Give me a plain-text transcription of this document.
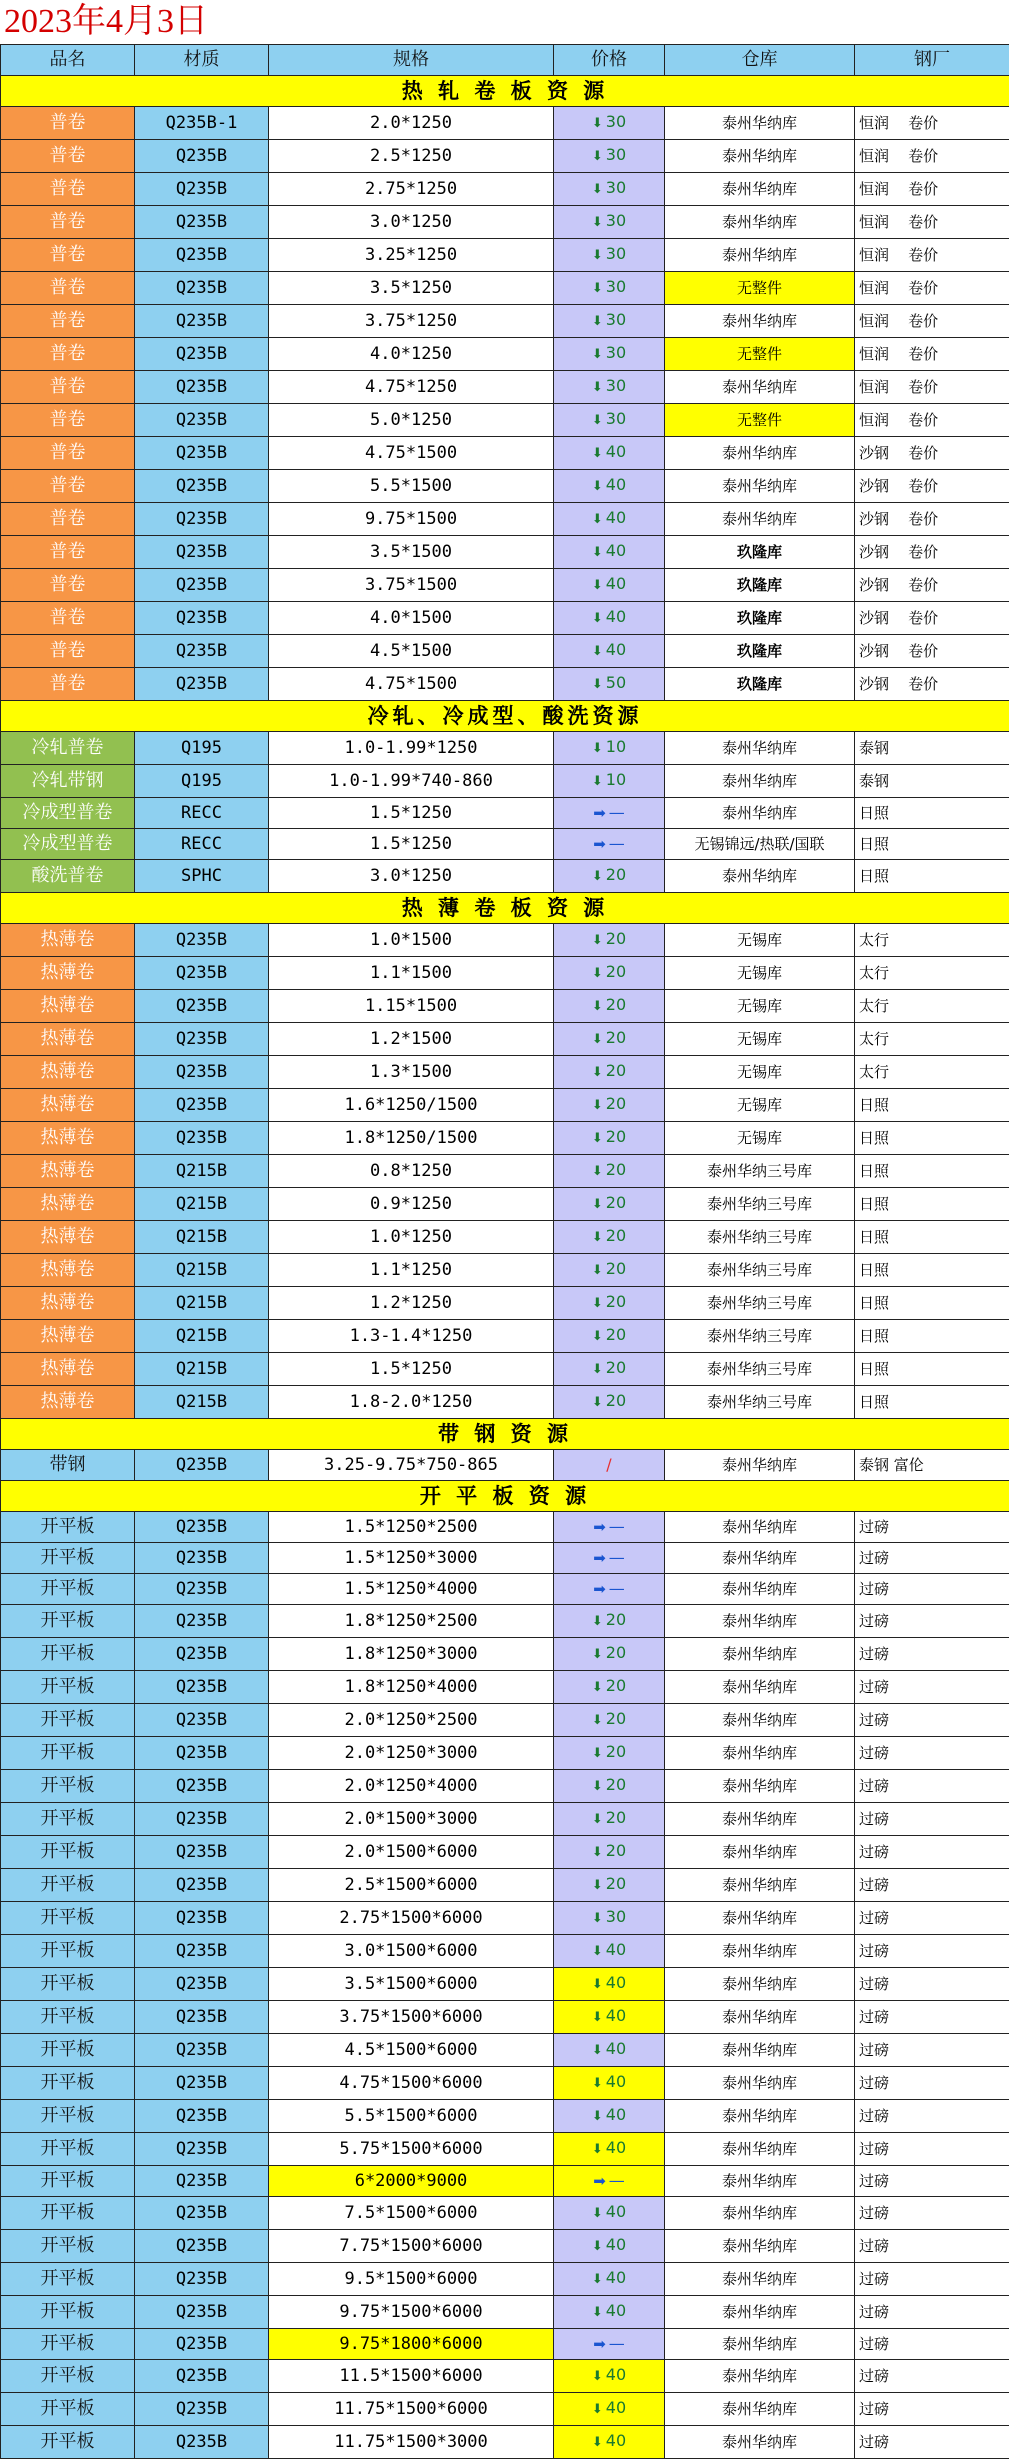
2023年4月3日
品名	材质	规格	价格	仓库	钢厂
热 轧 卷 板 资 源					
普卷	Q235B-1	2.0*1250	⬇ 30	泰州华纳库	恒润    卷价
普卷	Q235B	2.5*1250	⬇ 30	泰州华纳库	恒润    卷价
普卷	Q235B	2.75*1250	⬇ 30	泰州华纳库	恒润    卷价
普卷	Q235B	3.0*1250	⬇ 30	泰州华纳库	恒润    卷价
普卷	Q235B	3.25*1250	⬇ 30	泰州华纳库	恒润    卷价
普卷	Q235B	3.5*1250	⬇ 30	无整件	恒润    卷价
普卷	Q235B	3.75*1250	⬇ 30	泰州华纳库	恒润    卷价
普卷	Q235B	4.0*1250	⬇ 30	无整件	恒润    卷价
普卷	Q235B	4.75*1250	⬇ 30	泰州华纳库	恒润    卷价
普卷	Q235B	5.0*1250	⬇ 30	无整件	恒润    卷价
普卷	Q235B	4.75*1500	⬇ 40	泰州华纳库	沙钢    卷价
普卷	Q235B	5.5*1500	⬇ 40	泰州华纳库	沙钢    卷价
普卷	Q235B	9.75*1500	⬇ 40	泰州华纳库	沙钢    卷价
普卷	Q235B	3.5*1500	⬇ 40	玖隆库	沙钢    卷价
普卷	Q235B	3.75*1500	⬇ 40	玖隆库	沙钢    卷价
普卷	Q235B	4.0*1500	⬇ 40	玖隆库	沙钢    卷价
普卷	Q235B	4.5*1500	⬇ 40	玖隆库	沙钢    卷价
普卷	Q235B	4.75*1500	⬇ 50	玖隆库	沙钢    卷价
冷轧、冷成型、酸洗资源					
冷轧普卷	Q195	1.0-1.99*1250	⬇ 10	泰州华纳库	泰钢
冷轧带钢	Q195	1.0-1.99*740-860	⬇ 10	泰州华纳库	泰钢
冷成型普卷	RECC	1.5*1250	➡ —	泰州华纳库	日照
冷成型普卷	RECC	1.5*1250	➡ —	无锡锦远/热联/国联	日照
酸洗普卷	SPHC	3.0*1250	⬇ 20	泰州华纳库	日照
热 薄 卷 板 资 源					
热薄卷	Q235B	1.0*1500	⬇ 20	无锡库	太行
热薄卷	Q235B	1.1*1500	⬇ 20	无锡库	太行
热薄卷	Q235B	1.15*1500	⬇ 20	无锡库	太行
热薄卷	Q235B	1.2*1500	⬇ 20	无锡库	太行
热薄卷	Q235B	1.3*1500	⬇ 20	无锡库	太行
热薄卷	Q235B	1.6*1250/1500	⬇ 20	无锡库	日照
热薄卷	Q235B	1.8*1250/1500	⬇ 20	无锡库	日照
热薄卷	Q215B	0.8*1250	⬇ 20	泰州华纳三号库	日照
热薄卷	Q215B	0.9*1250	⬇ 20	泰州华纳三号库	日照
热薄卷	Q215B	1.0*1250	⬇ 20	泰州华纳三号库	日照
热薄卷	Q215B	1.1*1250	⬇ 20	泰州华纳三号库	日照
热薄卷	Q215B	1.2*1250	⬇ 20	泰州华纳三号库	日照
热薄卷	Q215B	1.3-1.4*1250	⬇ 20	泰州华纳三号库	日照
热薄卷	Q215B	1.5*1250	⬇ 20	泰州华纳三号库	日照
热薄卷	Q215B	1.8-2.0*1250	⬇ 20	泰州华纳三号库	日照
带 钢 资 源					
带钢	Q235B	3.25-9.75*750-865	/	泰州华纳库	泰钢 富伦
开 平 板 资 源					
开平板	Q235B	1.5*1250*2500	➡ —	泰州华纳库	过磅
开平板	Q235B	1.5*1250*3000	➡ —	泰州华纳库	过磅
开平板	Q235B	1.5*1250*4000	➡ —	泰州华纳库	过磅
开平板	Q235B	1.8*1250*2500	⬇ 20	泰州华纳库	过磅
开平板	Q235B	1.8*1250*3000	⬇ 20	泰州华纳库	过磅
开平板	Q235B	1.8*1250*4000	⬇ 20	泰州华纳库	过磅
开平板	Q235B	2.0*1250*2500	⬇ 20	泰州华纳库	过磅
开平板	Q235B	2.0*1250*3000	⬇ 20	泰州华纳库	过磅
开平板	Q235B	2.0*1250*4000	⬇ 20	泰州华纳库	过磅
开平板	Q235B	2.0*1500*3000	⬇ 20	泰州华纳库	过磅
开平板	Q235B	2.0*1500*6000	⬇ 20	泰州华纳库	过磅
开平板	Q235B	2.5*1500*6000	⬇ 20	泰州华纳库	过磅
开平板	Q235B	2.75*1500*6000	⬇ 30	泰州华纳库	过磅
开平板	Q235B	3.0*1500*6000	⬇ 40	泰州华纳库	过磅
开平板	Q235B	3.5*1500*6000	⬇ 40	泰州华纳库	过磅
开平板	Q235B	3.75*1500*6000	⬇ 40	泰州华纳库	过磅
开平板	Q235B	4.5*1500*6000	⬇ 40	泰州华纳库	过磅
开平板	Q235B	4.75*1500*6000	⬇ 40	泰州华纳库	过磅
开平板	Q235B	5.5*1500*6000	⬇ 40	泰州华纳库	过磅
开平板	Q235B	5.75*1500*6000	⬇ 40	泰州华纳库	过磅
开平板	Q235B	6*2000*9000	➡ —	泰州华纳库	过磅
开平板	Q235B	7.5*1500*6000	⬇ 40	泰州华纳库	过磅
开平板	Q235B	7.75*1500*6000	⬇ 40	泰州华纳库	过磅
开平板	Q235B	9.5*1500*6000	⬇ 40	泰州华纳库	过磅
开平板	Q235B	9.75*1500*6000	⬇ 40	泰州华纳库	过磅
开平板	Q235B	9.75*1800*6000	➡ —	泰州华纳库	过磅
开平板	Q235B	11.5*1500*6000	⬇ 40	泰州华纳库	过磅
开平板	Q235B	11.75*1500*6000	⬇ 40	泰州华纳库	过磅
开平板	Q235B	11.75*1500*3000	⬇ 40	泰州华纳库	过磅
